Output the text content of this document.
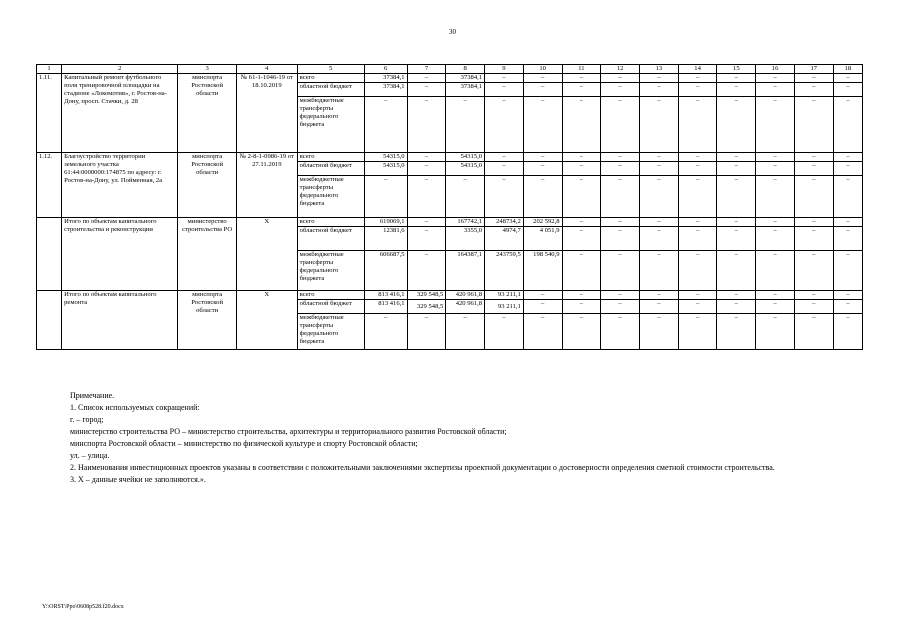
30
1	2	3	4	5	6	7	8	9	10	11	12	13	14	15	16	17	18
1.11.	Капитальный ремонт футбольного поля тренировочной площадки на стадионе «Локомотив», г. Ростов-на-Дону, просп. Стачки, д. 28	минспорта Ростовской области	№ 61-1-1046-19 от 18.10.2019	всего	37384,1	–	37384,1	–	–	–	–	–	–	–	–	–	–
				областной бюджет	37384,1	–	37384,1	–	–	–	–	–	–	–	–	–	–
				межбюджетные трансферты федерального бюджета	–	–	–	–	–	–	–	–	–	–	–	–	–
1.12.	Благоустройство территории земельного участка 61:44:0000000:174875 по адресу: г. Ростов-на-Дону, ул. Пойменная, 2а	минспорта Ростовской области	№ 2-8-1-0986-19 от 27.11.2019	всего	54315,0	–	54315,0	–	–	–	–	–	–	–	–	–	–
				областной бюджет	54315,0	–	54315,0	–	–	–	–	–	–	–	–	–	–
				межбюджетные трансферты федерального бюджета	–	–	–	–	–	–	–	–	–	–	–	–	–
	Итого по объектам капитального строительства и реконструкции	министерство строительства РО	Х	всего	619069,1	–	167742,1	248734,2	202 592,8	–	–	–	–	–	–	–	–
				областной бюджет	12381,6	–	3355,0	4974,7	4 051,9	–	–	–	–	–	–	–	–
				межбюджетные трансферты федерального бюджета	606687,5	–	164387,1	243759,5	198 540,9	–	–	–	–	–	–	–	–
	Итого по объектам капитального ремонта	минспорта Ростовской области	Х	всего	813 416,1	329 548,5	420 961,8	93 211,1	–	–	–	–	–	–	–	–	–
				областной бюджет	813 416,1	329 548,5	420 961,8	93 211,1	–	–	–	–	–	–	–	–	–
				межбюджетные трансферты федерального бюджета	–	–	–	–	–	–	–	–	–	–	–	–	–

Примечание.

1. Список используемых сокращений:

г. – город;

министерство строительства РО – министерство строительства, архитектуры и территориального развития Ростовской области;

минспорта Ростовской области – министерство по физической культуре и спорту Ростовской области;

ул. – улица.

2. Наименования инвестиционных проектов указаны в соответствии с положительными заключениями экспертизы проектной документации о достоверности определения сметной стоимости строительства.

3. Х – данные ячейки не заполняются.».

Y:\ORST\Ppo\0608p528.f20.docx
